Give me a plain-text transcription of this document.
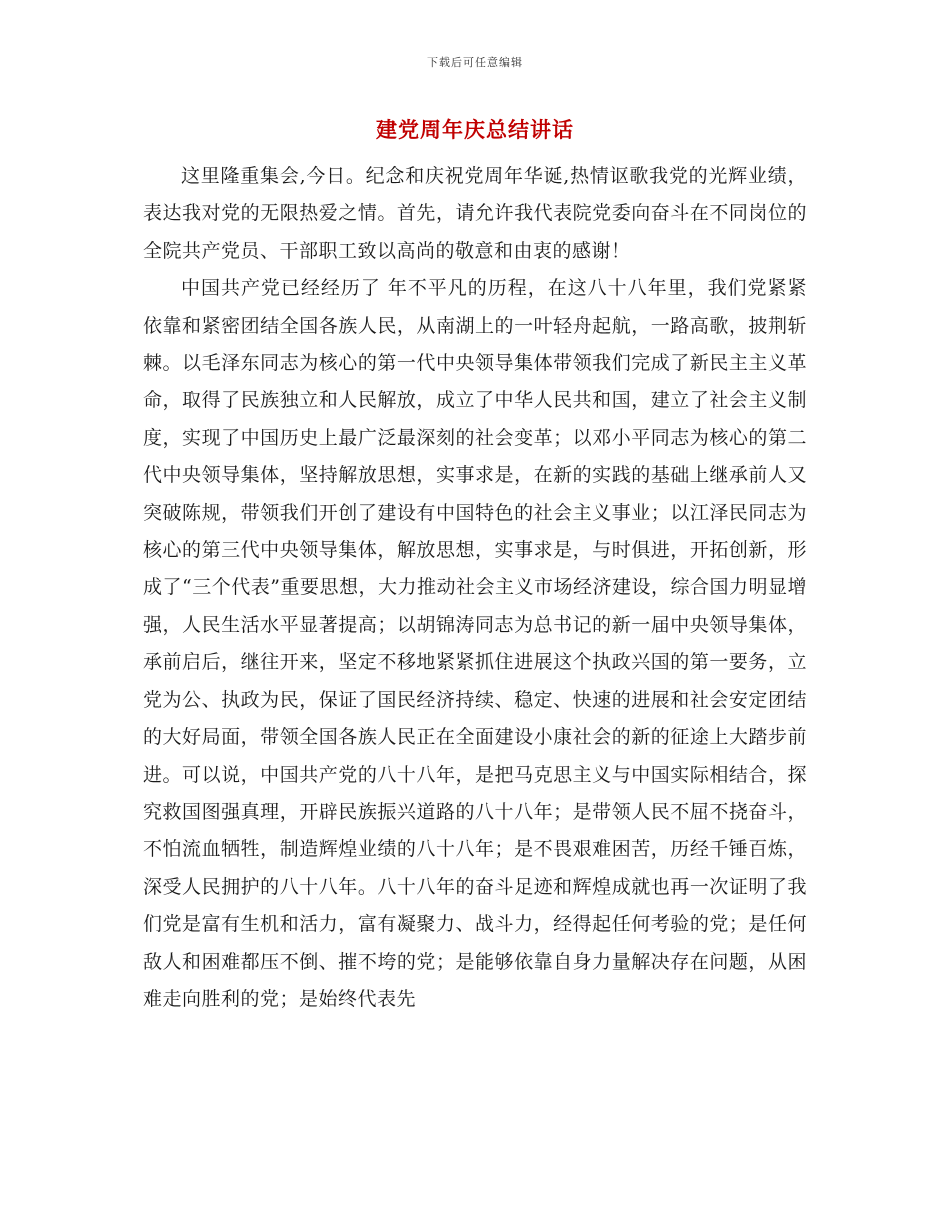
下载后可任意编辑
建党周年庆总结讲话

这里隆重集会,今日。纪念和庆祝党周年华诞,热情讴歌我党的光辉业绩，表达我对党的无限热爱之情。首先，请允许我代表院党委向奋斗在不同岗位的全院共产党员、干部职工致以高尚的敬意和由衷的感谢！

中国共产党已经经历了 年不平凡的历程，在这八十八年里，我们党紧紧依靠和紧密团结全国各族人民，从南湖上的一叶轻舟起航，一路高歌，披荆斩棘。以毛泽东同志为核心的第一代中央领导集体带领我们完成了新民主主义革命，取得了民族独立和人民解放，成立了中华人民共和国，建立了社会主义制度，实现了中国历史上最广泛最深刻的社会变革；以邓小平同志为核心的第二代中央领导集体，坚持解放思想，实事求是，在新的实践的基础上继承前人又突破陈规，带领我们开创了建设有中国特色的社会主义事业；以江泽民同志为核心的第三代中央领导集体，解放思想，实事求是，与时俱进，开拓创新，形成了“三个代表”重要思想，大力推动社会主义市场经济建设，综合国力明显增强，人民生活水平显著提高；以胡锦涛同志为总书记的新一届中央领导集体，承前启后，继往开来，坚定不移地紧紧抓住进展这个执政兴国的第一要务，立党为公、执政为民，保证了国民经济持续、稳定、快速的进展和社会安定团结的大好局面，带领全国各族人民正在全面建设小康社会的新的征途上大踏步前进。可以说，中国共产党的八十八年，是把马克思主义与中国实际相结合，探究救国图强真理，开辟民族振兴道路的八十八年；是带领人民不屈不挠奋斗，不怕流血牺牲，制造辉煌业绩的八十八年；是不畏艰难困苦，历经千锤百炼，深受人民拥护的八十八年。八十八年的奋斗足迹和辉煌成就也再一次证明了我们党是富有生机和活力，富有凝聚力、战斗力，经得起任何考验的党；是任何敌人和困难都压不倒、摧不垮的党；是能够依靠自身力量解决存在问题，从困难走向胜利的党；是始终代表先
